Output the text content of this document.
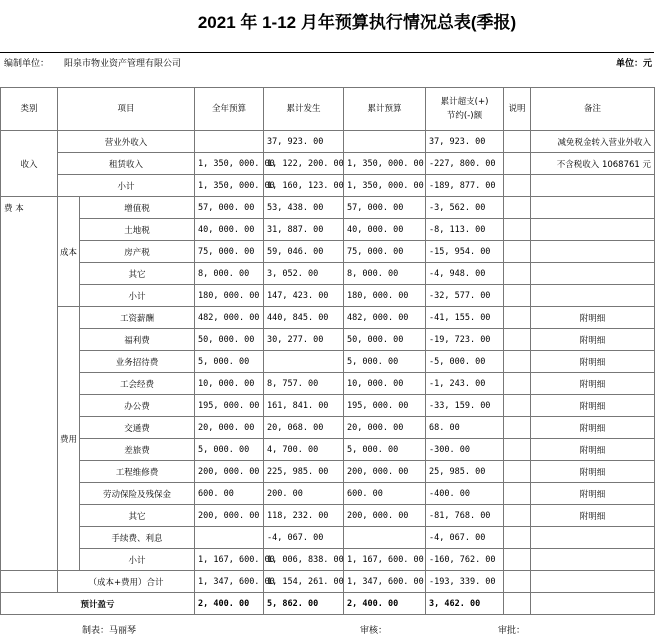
2021 年 1-12 月年预算执行情况总表(季报)
编制单位： 阳泉市物业资产管理有限公司	单位：元
类别	项目		全年预算	累计发生	累计预算	累计超支(+)
节约(-)额	说明	备注
收入	营业外收入			37, 923. 00		37, 923. 00		减免税金转入营业外收入
	租赁收入		1, 350, 000. 00	1, 122, 200. 00	1, 350, 000. 00	-227, 800. 00		不含税收入 1068761 元
	小计		1, 350, 000. 00	1, 160, 123. 00	1, 350, 000. 00	-189, 877. 00		
费 本	成本	增值税	57, 000. 00	53, 438. 00	57, 000. 00	-3, 562. 00		
		土地税	40, 000. 00	31, 887. 00	40, 000. 00	-8, 113. 00		
		房产税	75, 000. 00	59, 046. 00	75, 000. 00	-15, 954. 00		
		其它	8, 000. 00	3, 052. 00	8, 000. 00	-4, 948. 00		
		小计	180, 000. 00	147, 423. 00	180, 000. 00	-32, 577. 00		
	费用	工资薪酬	482, 000. 00	440, 845. 00	482, 000. 00	-41, 155. 00		附明细
		福利费	50, 000. 00	30, 277. 00	50, 000. 00	-19, 723. 00		附明细
		业务招待费	5, 000. 00		5, 000. 00	-5, 000. 00		附明细
		工会经费	10, 000. 00	8, 757. 00	10, 000. 00	-1, 243. 00		附明细
		办公费	195, 000. 00	161, 841. 00	195, 000. 00	-33, 159. 00		附明细
		交通费	20, 000. 00	20, 068. 00	20, 000. 00	68. 00		附明细
		差旅费	5, 000. 00	4, 700. 00	5, 000. 00	-300. 00		附明细
		工程维修费	200, 000. 00	225, 985. 00	200, 000. 00	25, 985. 00		附明细
		劳动保险及残保金	600. 00	200. 00	600. 00	-400. 00		附明细
		其它	200, 000. 00	118, 232. 00	200, 000. 00	-81, 768. 00		附明细
		手续费、利息		-4, 067. 00		-4, 067. 00		
		小计	1, 167, 600. 00	1, 006, 838. 00	1, 167, 600. 00	-160, 762. 00		
	（成本+费用）合计		1, 347, 600. 00	1, 154, 261. 00	1, 347, 600. 00	-193, 339. 00		
预计盈亏			2, 400. 00	5, 862. 00	2, 400. 00	3, 462. 00		
制表：马丽琴	审核：	审批：
